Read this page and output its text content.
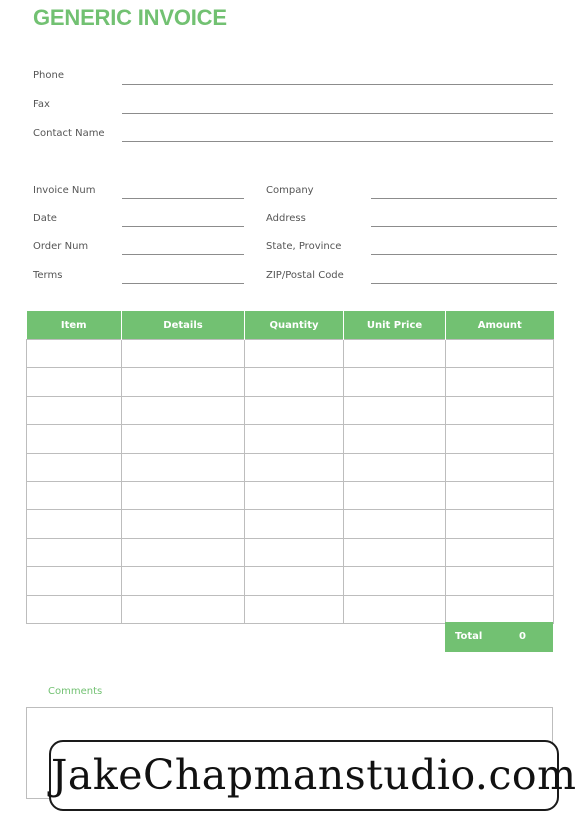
GENERIC INVOICE
Phone
Fax
Contact Name
Invoice Num
Date
Order Num
Terms
Company
Address
State, Province
ZIP/Postal Code
Item	Details	Quantity	Unit Price	Amount

Total	0
Comments
JakeChapmanstudio.com
